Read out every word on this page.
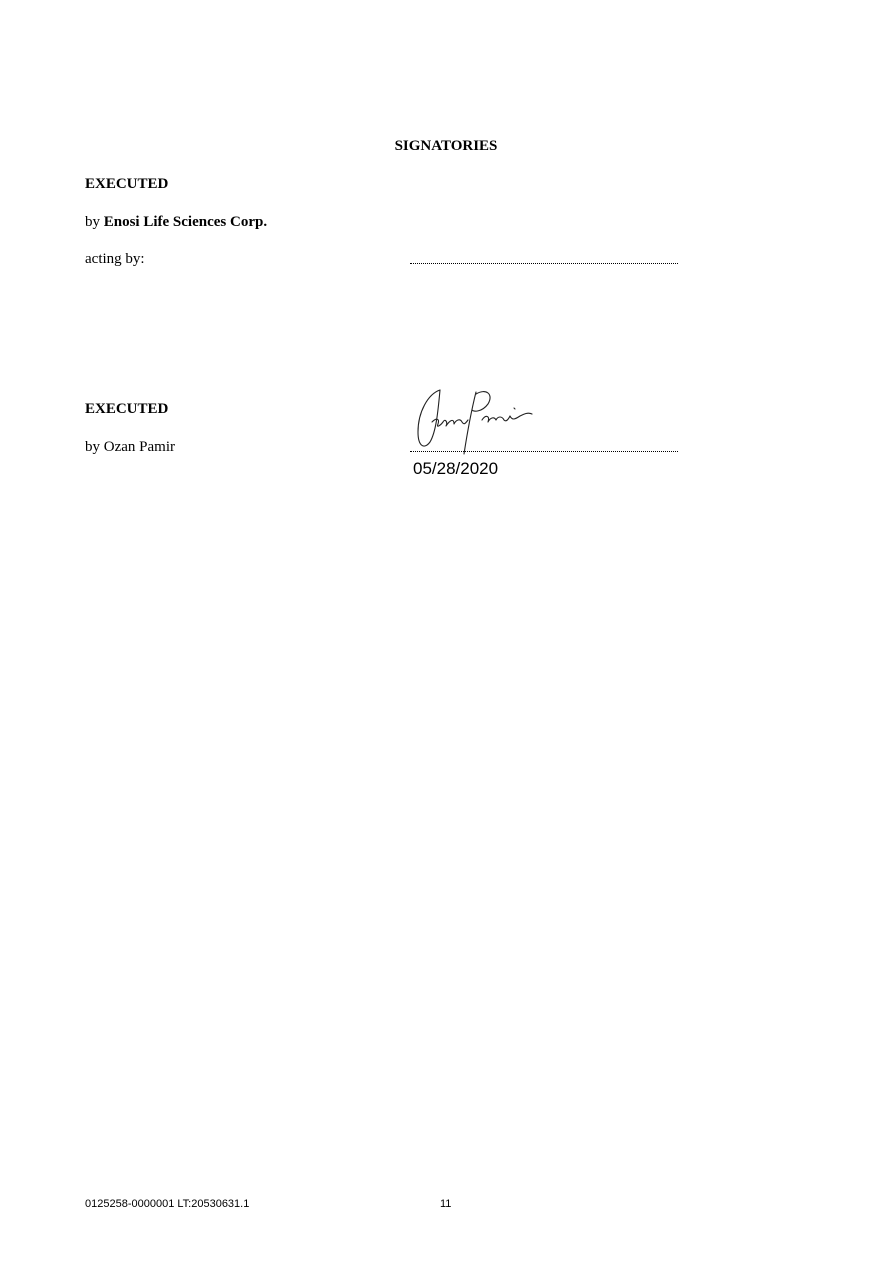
SIGNATORIES
EXECUTED
by Enosi Life Sciences Corp.
acting by:
EXECUTED
by Ozan Pamir
05/28/2020
0125258-0000001 LT:20530631.1	11
